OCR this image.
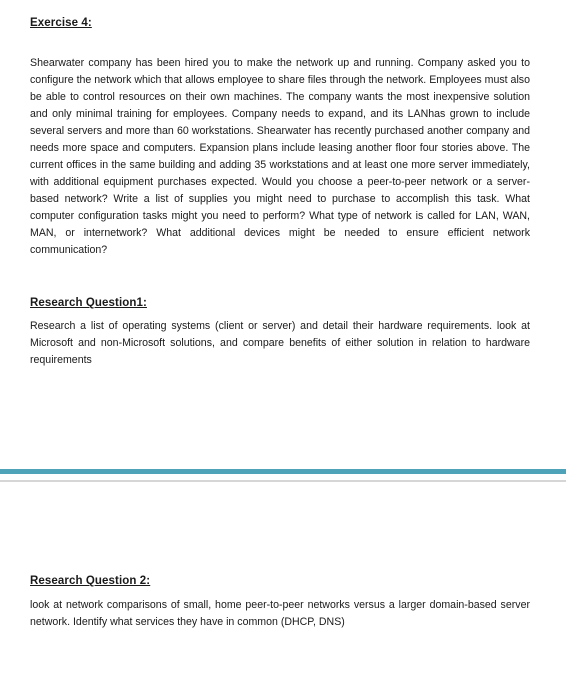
Exercise 4:

Shearwater company has been hired you to make the network up and running. Company asked you to configure the network which that allows employee to share files through the network. Employees must also be able to control resources on their own machines. The company wants the most inexpensive solution and only minimal training for employees. Company needs to expand, and its LANhas grown to include several servers and more than 60 workstations. Shearwater has recently purchased another company and needs more space and computers. Expansion plans include leasing another floor four stories above. The current offices in the same building and adding 35 workstations and at least one more server immediately, with additional equipment purchases expected. Would you choose a peer-to-peer network or a server-based network? Write a list of supplies you might need to purchase to accomplish this task. What computer configuration tasks might you need to perform? What type of network is called for LAN, WAN, MAN, or internetwork? What additional devices might be needed to ensure efficient network communication?

Research Question1:

Research a list of operating systems (client or server) and detail their hardware requirements. look at Microsoft and non-Microsoft solutions, and compare benefits of either solution in relation to hardware requirements

Research Question 2:

look at network comparisons of small, home peer-to-peer networks versus a larger domain-based server network. Identify what services they have in common (DHCP, DNS)
